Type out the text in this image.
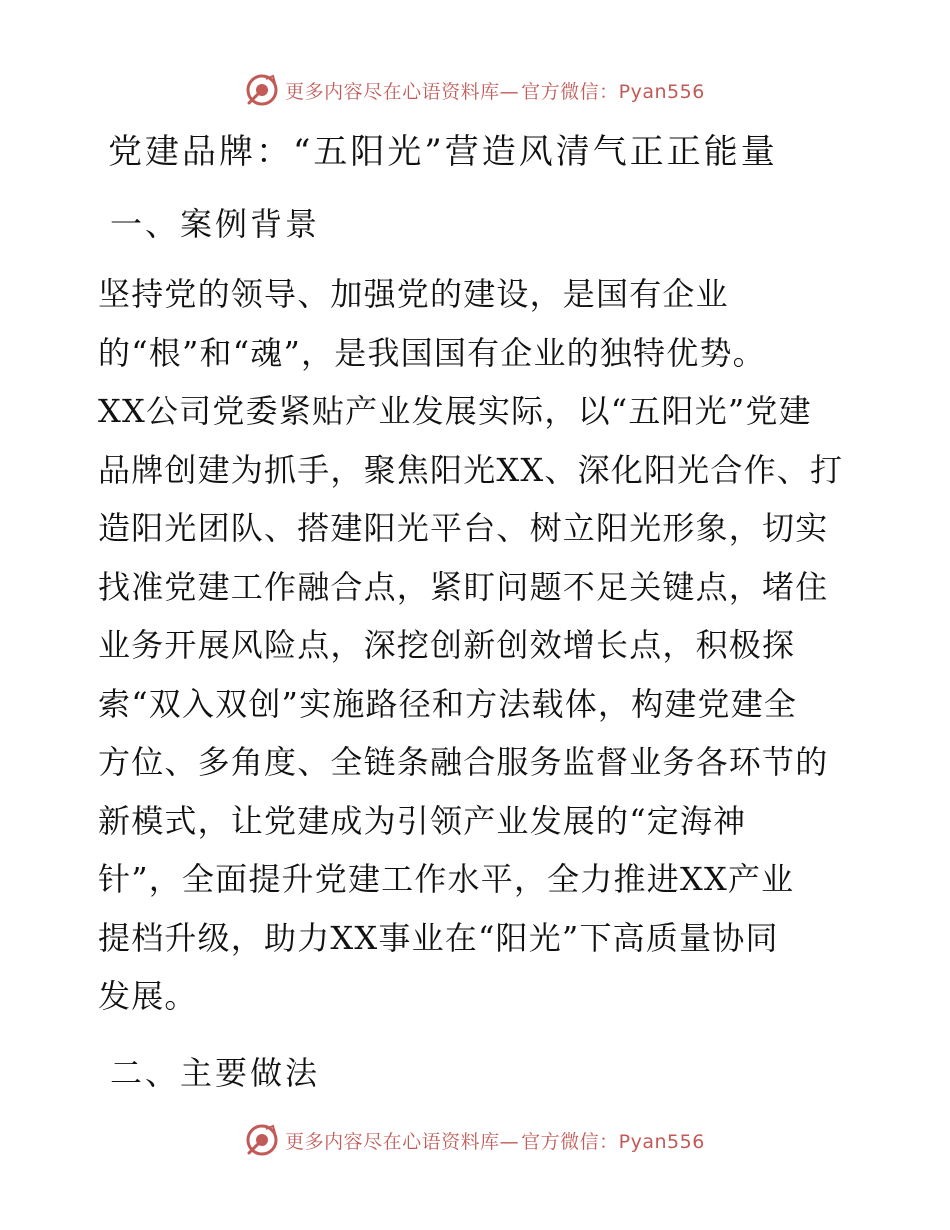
更多内容尽在心语资料库— 官方微信：Pyan556
党建品牌：“五阳光”营造风清气正正能量
一、案例背景
坚持党的领导、加强党的建设，是国有企业
的“根”和“魂”，是我国国有企业的独特优势。
XX公司党委紧贴产业发展实际，以“五阳光”党建
品牌创建为抓手，聚焦阳光XX、深化阳光合作、打
造阳光团队、搭建阳光平台、树立阳光形象，切实
找准党建工作融合点，紧盯问题不足关键点，堵住
业务开展风险点，深挖创新创效增长点，积极探
索“双入双创”实施路径和方法载体，构建党建全
方位、多角度、全链条融合服务监督业务各环节的
新模式，让党建成为引领产业发展的“定海神
针”，全面提升党建工作水平，全力推进XX产业
提档升级，助力XX事业在“阳光”下高质量协同
发展。
二、主要做法
更多内容尽在心语资料库— 官方微信：Pyan556
